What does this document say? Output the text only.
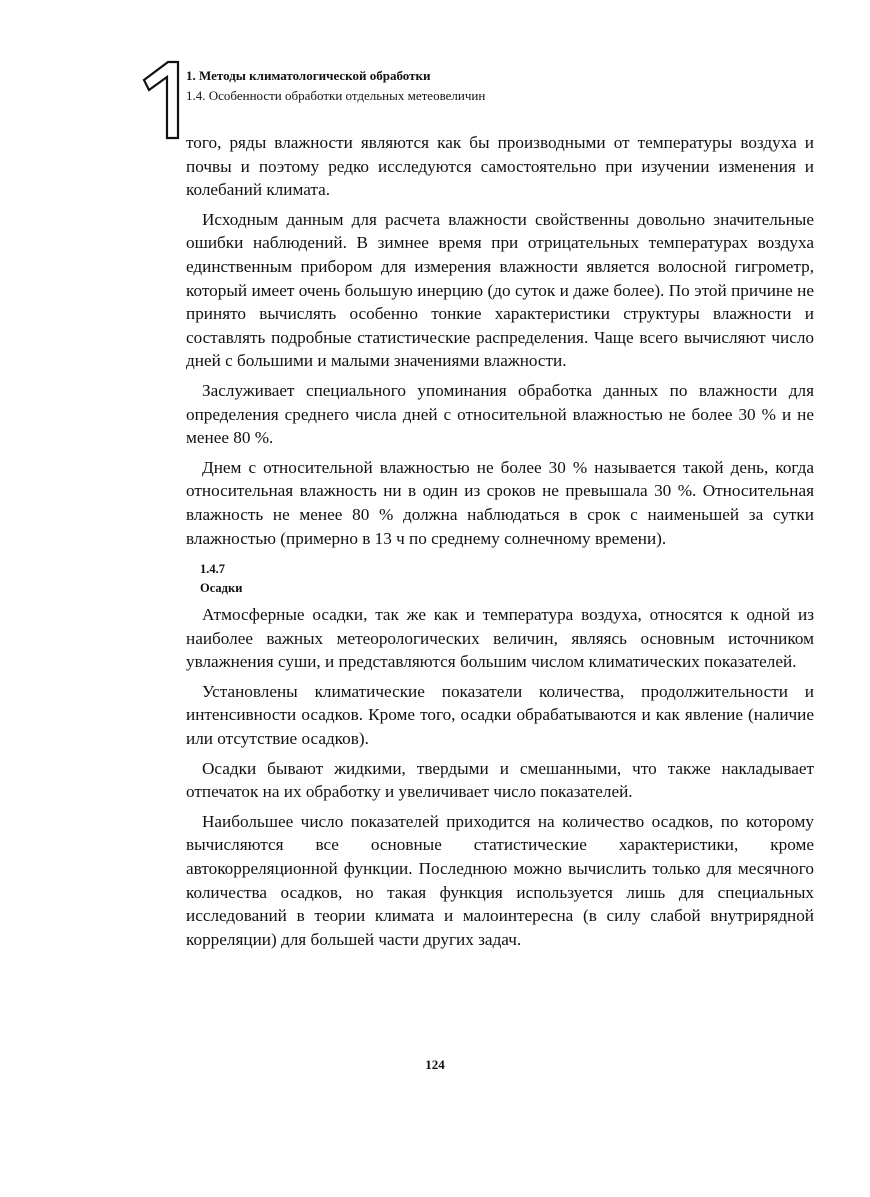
1. Методы климатологической обработки
1.4. Особенности обработки отдельных метеовеличин

того, ряды влажности являются как бы производными от температуры воздуха и почвы и поэтому редко исследуются самостоятельно при изучении изменения и колебаний климата.

Исходным данным для расчета влажности свойственны довольно значительные ошибки наблюдений. В зимнее время при отрицательных температурах воздуха единственным прибором для измерения влажности является волосной гигрометр, который имеет очень большую инерцию (до суток и даже более). По этой причине не принято вычислять особенно тонкие характеристики структуры влажности и составлять подробные статистические распределения. Чаще всего вычисляют число дней с большими и малыми значениями влажности.

Заслуживает специального упоминания обработка данных по влажности для определения среднего числа дней с относительной влажностью не более 30 % и не менее 80 %.

Днем с относительной влажностью не более 30 % называется такой день, когда относительная влажность ни в один из сроков не превышала 30 %. Относительная влажность не менее 80 % должна наблюдаться в срок с наименьшей за сутки влажностью (примерно в 13 ч по среднему солнечному времени).

1.4.7
Осадки

Атмосферные осадки, так же как и температура воздуха, относятся к одной из наиболее важных метеорологических величин, являясь основным источником увлажнения суши, и представляются большим числом климатических показателей.

Установлены климатические показатели количества, продолжительности и интенсивности осадков. Кроме того, осадки обрабатываются и как явление (наличие или отсутствие осадков).

Осадки бывают жидкими, твердыми и смешанными, что также накладывает отпечаток на их обработку и увеличивает число показателей.

Наибольшее число показателей приходится на количество осадков, по которому вычисляются все основные статистические характеристики, кроме автокорреляционной функции. Последнюю можно вычислить только для месячного количества осадков, но такая функция используется лишь для специальных исследований в теории климата и малоинтересна (в силу слабой внутрирядной корреляции) для большей части других задач.

124
